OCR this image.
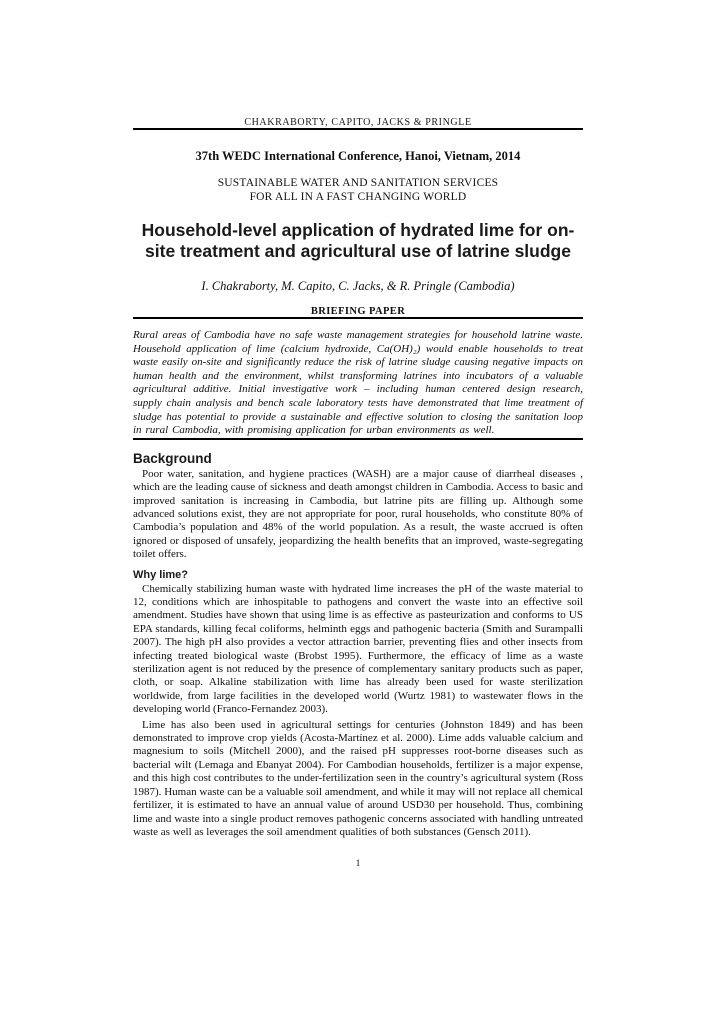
CHAKRABORTY, CAPITO, JACKS & PRINGLE
37th WEDC International Conference, Hanoi, Vietnam, 2014
SUSTAINABLE WATER AND SANITATION SERVICES
FOR ALL IN A FAST CHANGING WORLD
Household-level application of hydrated lime for on-site treatment and agricultural use of latrine sludge
I. Chakraborty, M. Capito, C. Jacks, & R. Pringle (Cambodia)
BRIEFING PAPER
Rural areas of Cambodia have no safe waste management strategies for household latrine waste. Household application of lime (calcium hydroxide, Ca(OH)₂) would enable households to treat waste easily on-site and significantly reduce the risk of latrine sludge causing negative impacts on human health and the environment, whilst transforming latrines into incubators of a valuable agricultural additive. Initial investigative work – including human centered design research, supply chain analysis and bench scale laboratory tests have demonstrated that lime treatment of sludge has potential to provide a sustainable and effective solution to closing the sanitation loop in rural Cambodia, with promising application for urban environments as well.
Background

Poor water, sanitation, and hygiene practices (WASH) are a major cause of diarrheal diseases , which are the leading cause of sickness and death amongst children in Cambodia. Access to basic and improved sanitation is increasing in Cambodia, but latrine pits are filling up. Although some advanced solutions exist, they are not appropriate for poor, rural households, who constitute 80% of Cambodia’s population and 48% of the world population. As a result, the waste accrued is often ignored or disposed of unsafely, jeopardizing the health benefits that an improved, waste-segregating toilet offers.

Why lime?

Chemically stabilizing human waste with hydrated lime increases the pH of the waste material to 12, conditions which are inhospitable to pathogens and convert the waste into an effective soil amendment. Studies have shown that using lime is as effective as pasteurization and conforms to US EPA standards, killing fecal coliforms, helminth eggs and pathogenic bacteria (Smith and Surampalli 2007). The high pH also provides a vector attraction barrier, preventing flies and other insects from infecting treated biological waste (Brobst 1995). Furthermore, the efficacy of lime as a waste sterilization agent is not reduced by the presence of complementary sanitary products such as paper, cloth, or soap. Alkaline stabilization with lime has already been used for waste sterilization worldwide, from large facilities in the developed world (Wurtz 1981) to wastewater flows in the developing world (Franco-Fernandez 2003).

Lime has also been used in agricultural settings for centuries (Johnston 1849) and has been demonstrated to improve crop yields (Acosta-Martínez et al. 2000). Lime adds valuable calcium and magnesium to soils (Mitchell 2000), and the raised pH suppresses root-borne diseases such as bacterial wilt (Lemaga and Ebanyat 2004). For Cambodian households, fertilizer is a major expense, and this high cost contributes to the under-fertilization seen in the country’s agricultural system (Ross 1987). Human waste can be a valuable soil amendment, and while it may will not replace all chemical fertilizer, it is estimated to have an annual value of around USD30 per household. Thus, combining lime and waste into a single product removes pathogenic concerns associated with handling untreated waste as well as leverages the soil amendment qualities of both substances (Gensch 2011).

1
